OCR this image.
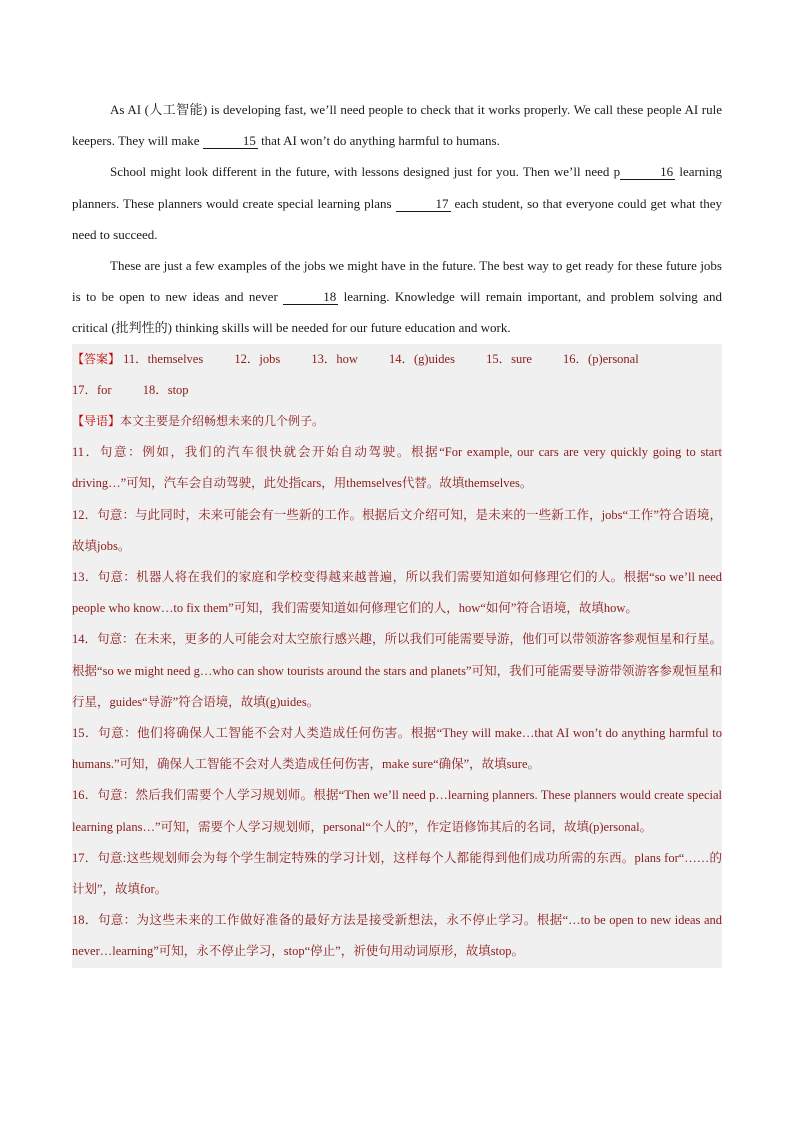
As AI (人工智能) is developing fast, we’ll need people to check that it works properly. We call these people AI rule keepers. They will make	15 that AI won’t do anything harmful to humans.

School might look different in the future, with lessons designed just for you. Then we’ll need p	16 learning planners. These planners would create special learning plans	17 each student, so that everyone could get what they need to succeed.

These are just a few examples of the jobs we might have in the future. The best way to get ready for these future jobs is to be open to new ideas and never	18 learning. Knowledge will remain important, and problem solving and critical (批判性的) thinking skills will be needed for our future education and work.

【答案】 11．themselves 12．jobs 13．how 14．(g)uides 15．sure 16．(p)ersonal

17．for 18．stop

【导语】本文主要是介绍畅想未来的几个例子。

11．句意：例如，我们的汽车很快就会开始自动驾驶。根据“For example, our cars are very quickly going to start driving…”可知，汽车会自动驾驶，此处指cars，用themselves代替。故填themselves。

12．句意：与此同时，未来可能会有一些新的工作。根据后文介绍可知，是未来的一些新工作，jobs“工作”符合语境，故填jobs。

13．句意：机器人将在我们的家庭和学校变得越来越普遍，所以我们需要知道如何修理它们的人。根据“so we’ll need people who know…to fix them”可知，我们需要知道如何修理它们的人，how“如何”符合语境，故填how。

14．句意：在未来，更多的人可能会对太空旅行感兴趣，所以我们可能需要导游，他们可以带领游客参观恒星和行星。根据“so we might need g…who can show tourists around the stars and planets”可知，我们可能需要导游带领游客参观恒星和行星，guides“导游”符合语境，故填(g)uides。

15．句意：他们将确保人工智能不会对人类造成任何伤害。根据“They will make…that AI won’t do anything harmful to humans.”可知，确保人工智能不会对人类造成任何伤害，make sure“确保”，故填sure。

16．句意：然后我们需要个人学习规划师。根据“Then we’ll need p…learning planners. These planners would create special learning plans…”可知，需要个人学习规划师，personal“个人的”，作定语修饰其后的名词，故填(p)ersonal。

17．句意:这些规划师会为每个学生制定特殊的学习计划，这样每个人都能得到他们成功所需的东西。plans for“……的计划”，故填for。

18．句意：为这些未来的工作做好准备的最好方法是接受新想法，永不停止学习。根据“…to be open to new ideas and never…learning”可知，永不停止学习，stop“停止”，祈使句用动词原形，故填stop。
